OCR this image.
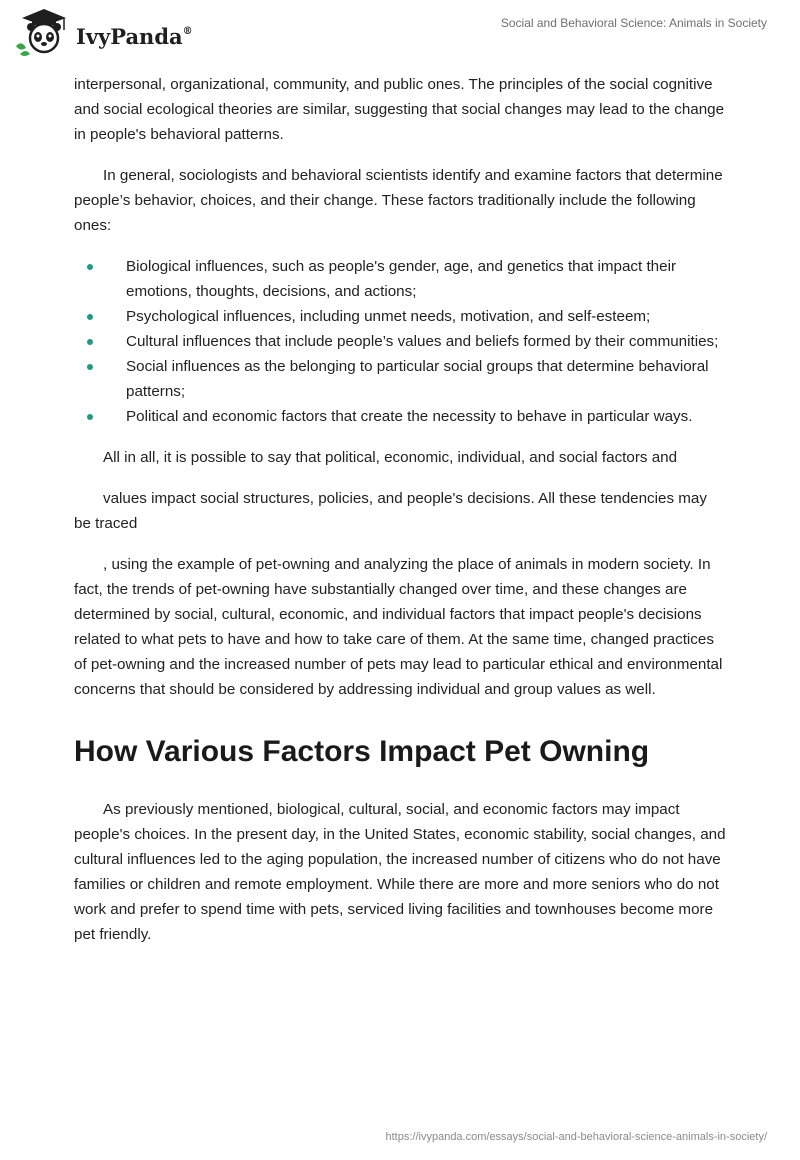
IvyPanda®
Social and Behavioral Science: Animals in Society

interpersonal, organizational, community, and public ones. The principles of the social cognitive and social ecological theories are similar, suggesting that social changes may lead to the change in people's behavioral patterns.

In general, sociologists and behavioral scientists identify and examine factors that determine people’s behavior, choices, and their change. These factors traditionally include the following ones:

Biological influences, such as people's gender, age, and genetics that impact their emotions, thoughts, decisions, and actions;
Psychological influences, including unmet needs, motivation, and self-esteem;
Cultural influences that include people’s values and beliefs formed by their communities;
Social influences as the belonging to particular social groups that determine behavioral patterns;
Political and economic factors that create the necessity to behave in particular ways.

All in all, it is possible to say that political, economic, individual, and social factors and

values impact social structures, policies, and people's decisions. All these tendencies may be traced

, using the example of pet-owning and analyzing the place of animals in modern society. In fact, the trends of pet-owning have substantially changed over time, and these changes are determined by social, cultural, economic, and individual factors that impact people's decisions related to what pets to have and how to take care of them. At the same time, changed practices of pet-owning and the increased number of pets may lead to particular ethical and environmental concerns that should be considered by addressing individual and group values as well.

How Various Factors Impact Pet Owning

As previously mentioned, biological, cultural, social, and economic factors may impact people's choices. In the present day, in the United States, economic stability, social changes, and cultural influences led to the aging population, the increased number of citizens who do not have families or children and remote employment. While there are more and more seniors who do not work and prefer to spend time with pets, serviced living facilities and townhouses become more pet friendly.

https://ivypanda.com/essays/social-and-behavioral-science-animals-in-society/
